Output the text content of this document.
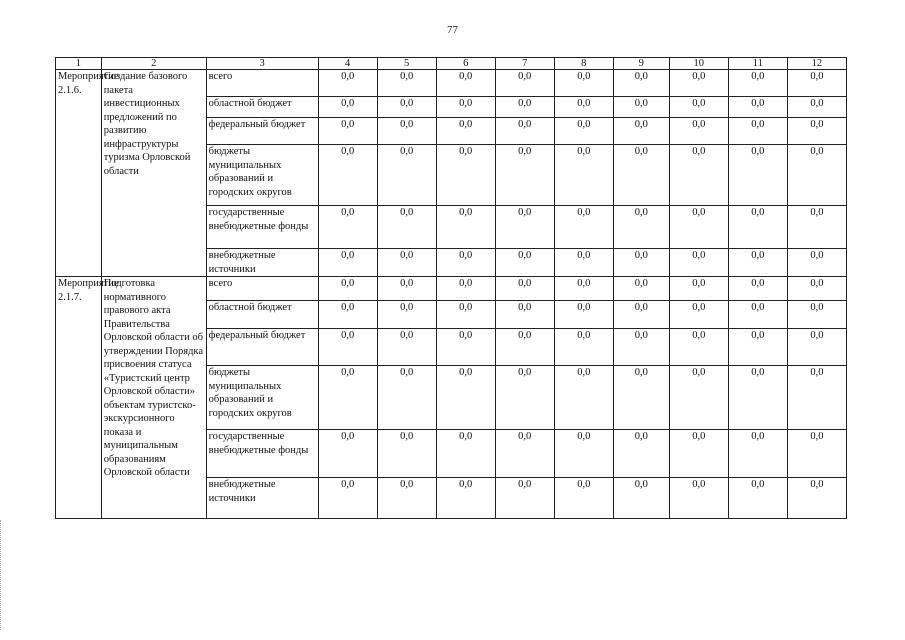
77
1	2	3	4	5	6	7	8	9	10	11	12
Мероприятие 2.1.6.	Создание базового пакета инвестиционных предложений по развитию инфраструктуры туризма Орловской области	всего	0,0	0,0	0,0	0,0	0,0	0,0	0,0	0,0	0,0
		областной бюджет	0,0	0,0	0,0	0,0	0,0	0,0	0,0	0,0	0,0
		федеральный бюджет	0,0	0,0	0,0	0,0	0,0	0,0	0,0	0,0	0,0
		бюджеты муниципальных образований и городских округов	0,0	0,0	0,0	0,0	0,0	0,0	0,0	0,0	0,0
		государственные внебюджетные фонды	0,0	0,0	0,0	0,0	0,0	0,0	0,0	0,0	0,0
		внебюджетные источники	0,0	0,0	0,0	0,0	0,0	0,0	0,0	0,0	0,0
Мероприятие 2.1.7.	Подготовка нормативного правового акта Правительства Орловской области об утверждении Порядка присвоения статуса «Туристский центр Орловской области» объектам туристско-экскурсионного показа и муниципальным образованиям Орловской области	всего	0,0	0,0	0,0	0,0	0,0	0,0	0,0	0,0	0,0
		областной бюджет	0,0	0,0	0,0	0,0	0,0	0,0	0,0	0,0	0,0
		федеральный бюджет	0,0	0,0	0,0	0,0	0,0	0,0	0,0	0,0	0,0
		бюджеты муниципальных образований и городских округов	0,0	0,0	0,0	0,0	0,0	0,0	0,0	0,0	0,0
		государственные внебюджетные фонды	0,0	0,0	0,0	0,0	0,0	0,0	0,0	0,0	0,0
		внебюджетные источники	0,0	0,0	0,0	0,0	0,0	0,0	0,0	0,0	0,0
